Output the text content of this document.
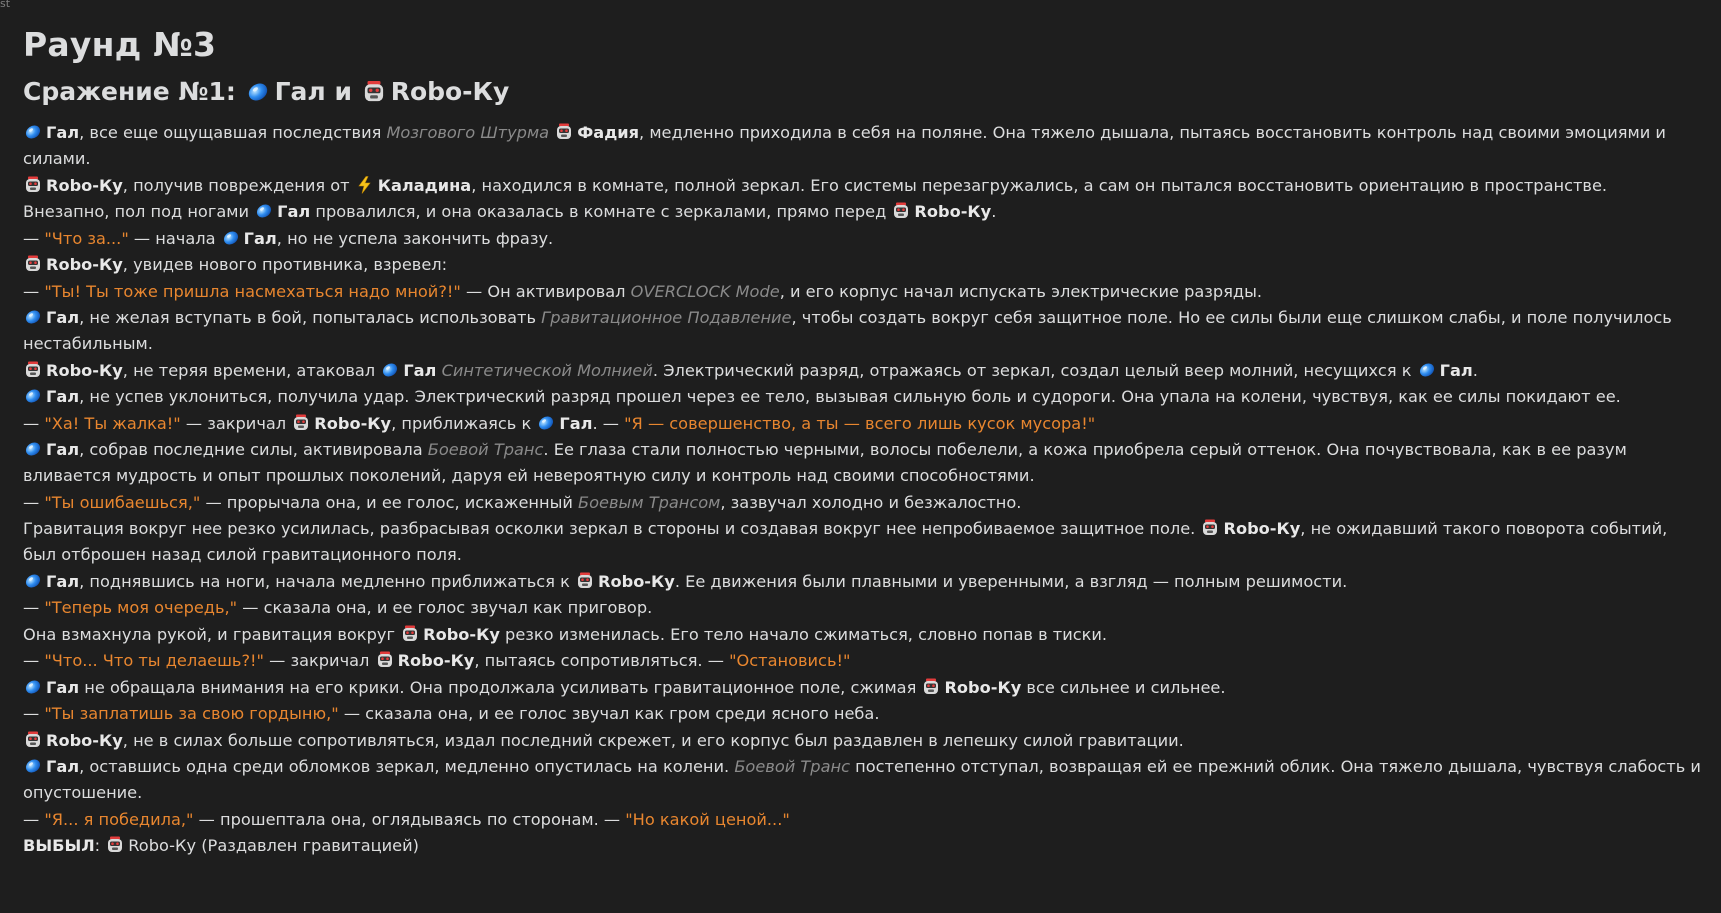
st
Раунд №3
Сражение №1: Гал и Robo-Ку
Гал, все еще ощущавшая последствия Мозгового Штурма Фадия, медленно приходила в себя на поляне. Она тяжело дышала, пытаясь восстановить контроль над своими эмоциями и силами.
Robo-Ку, получив повреждения от
Каладина, находился в комнате, полной зеркал. Его системы перезагружались, а сам он пытался восстановить ориентацию в пространстве.
Внезапно, пол под ногами
Гал провалился, и она оказалась в комнате с зеркалами, прямо перед
Robo-Ку.
— "Что за..." — начала
Гал, но не успела закончить фразу.
Robo-Ку, увидев нового противника, взревел:
— "Ты! Ты тоже пришла насмехаться надо мной?!" — Он активировал OVERCLOCK Mode, и его корпус начал испускать электрические разряды.
Гал, не желая вступать в бой, попыталась использовать Гравитационное Подавление, чтобы создать вокруг себя защитное поле. Но ее силы были еще слишком слабы, и поле получилось нестабильным.
Robo-Ку, не теряя времени, атаковал
Гал Синтетической Молнией. Электрический разряд, отражаясь от зеркал, создал целый веер молний, несущихся к
Гал.
Гал, не успев уклониться, получила удар. Электрический разряд прошел через ее тело, вызывая сильную боль и судороги. Она упала на колени, чувствуя, как ее силы покидают ее.
— "Ха! Ты жалка!" — закричал
Robo-Ку, приближаясь к
Гал. — "Я — совершенство, а ты — всего лишь кусок мусора!"
Гал, собрав последние силы, активировала Боевой Транс. Ее глаза стали полностью черными, волосы побелели, а кожа приобрела серый оттенок. Она почувствовала, как в ее разум вливается мудрость и опыт прошлых поколений, даруя ей невероятную силу и контроль над своими способностями.
— "Ты ошибаешься," — прорычала она, и ее голос, искаженный Боевым Трансом, зазвучал холодно и безжалостно.
Гравитация вокруг нее резко усилилась, разбрасывая осколки зеркал в стороны и создавая вокруг нее непробиваемое защитное поле.
Robo-Ку, не ожидавший такого поворота событий, был отброшен назад силой гравитационного поля.
Гал, поднявшись на ноги, начала медленно приближаться к
Robo-Ку. Ее движения были плавными и уверенными, а взгляд — полным решимости.
— "Теперь моя очередь," — сказала она, и ее голос звучал как приговор.
Она взмахнула рукой, и гравитация вокруг
Robo-Ку резко изменилась. Его тело начало сжиматься, словно попав в тиски.
— "Что... Что ты делаешь?!" — закричал
Robo-Ку, пытаясь сопротивляться. — "Остановись!"
Гал не обращала внимания на его крики. Она продолжала усиливать гравитационное поле, сжимая
Robo-Ку все сильнее и сильнее.
— "Ты заплатишь за свою гордыню," — сказала она, и ее голос звучал как гром среди ясного неба.
Robo-Ку, не в силах больше сопротивляться, издал последний скрежет, и его корпус был раздавлен в лепешку силой гравитации.
Гал, оставшись одна среди обломков зеркал, медленно опустилась на колени. Боевой Транс постепенно отступал, возвращая ей ее прежний облик. Она тяжело дышала, чувствуя слабость и опустошение.
— "Я... я победила," — прошептала она, оглядываясь по сторонам. — "Но какой ценой..."
ВЫБЫЛ:
Robo-Ку (Раздавлен гравитацией)
